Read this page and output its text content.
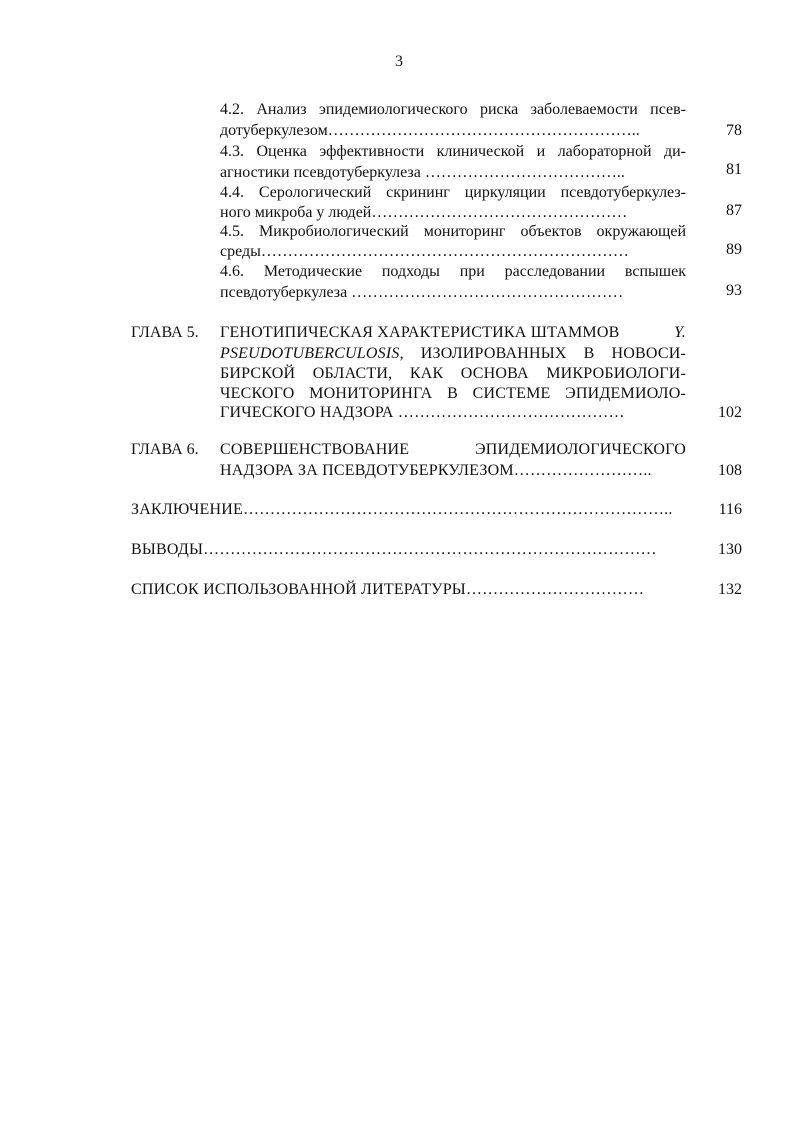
3
4.2. Анализ эпидемиологического риска заболеваемости псев-
дотуберкулезом…………………………………………………..	78
4.3. Оценка эффективности клинической и лабораторной ди-
агностики псевдотуберкулеза ………………………………..	81
4.4. Серологический скрининг циркуляции псевдотуберкулез-
ного микроба у людей…………………………………………	87
4.5. Микробиологический мониторинг объектов окружающей
среды……………………………………………………………	89
4.6. Методические подходы при расследовании вспышек
псевдотуберкулеза ……………………………………………	93
ГЛАВА 5. ГЕНОТИПИЧЕСКАЯ ХАРАКТЕРИСТИКА ШТАММОВ	Y.
PSEUDOTUBERCULOSIS, ИЗОЛИРОВАННЫХ В НОВОСИ-
БИРСКОЙ ОБЛАСТИ, КАК ОСНОВА МИКРОБИОЛОГИ-
ЧЕСКОГО МОНИТОРИНГА В СИСТЕМЕ ЭПИДЕМИОЛО-
ГИЧЕСКОГО НАДЗОРА ……………………………………	102
ГЛАВА 6. СОВЕРШЕНСТВОВАНИЕ ЭПИДЕМИОЛОГИЧЕСКОГО
НАДЗОРА ЗА ПСЕВДОТУБЕРКУЛЕЗОМ……………………..	108
ЗАКЛЮЧЕНИЕ……………………………………………………………………..	116
ВЫВОДЫ…………………………………………………………………………	130
СПИСОК ИСПОЛЬЗОВАННОЙ ЛИТЕРАТУРЫ……………………………	132
